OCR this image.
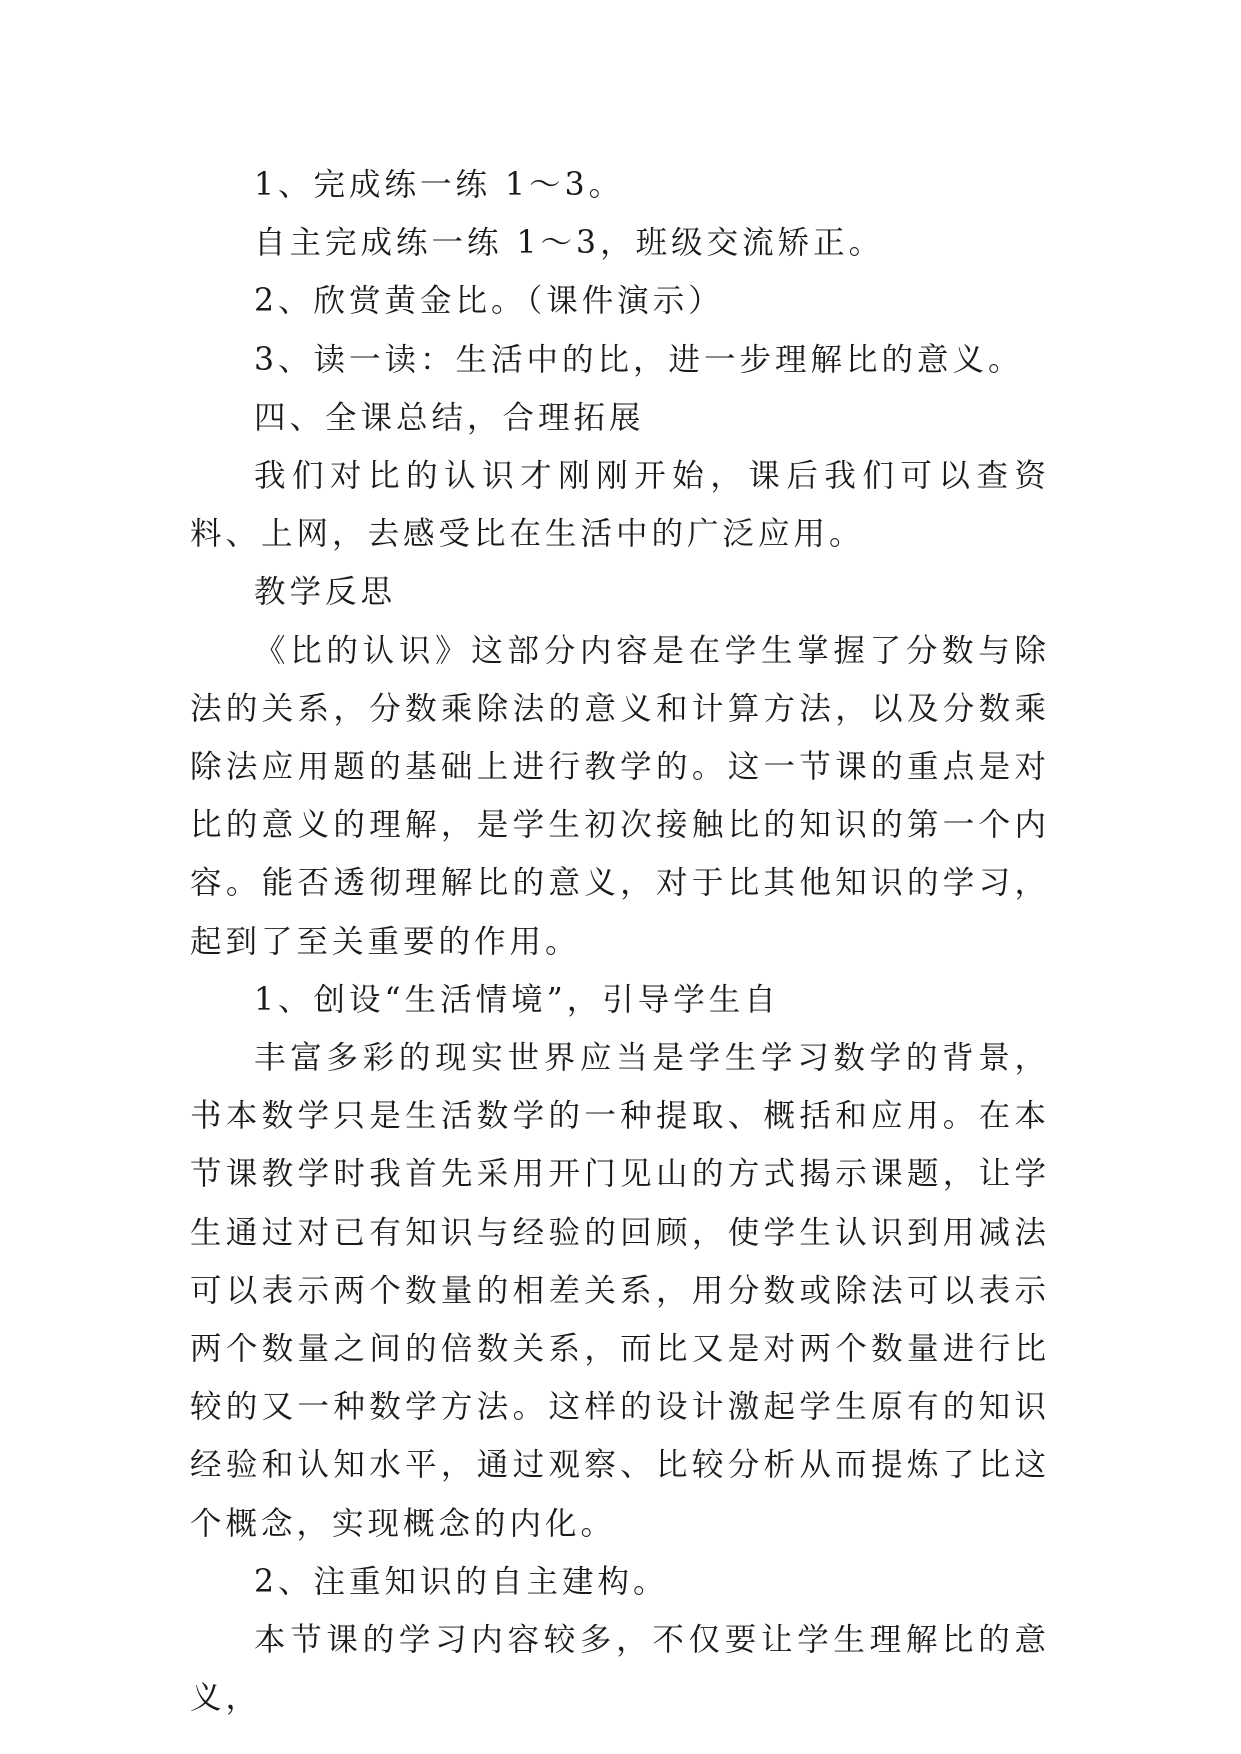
1、完成练一练 1～3。

自主完成练一练 1～3，班级交流矫正。

2、欣赏黄金比。（课件演示）

3、读一读：生活中的比，进一步理解比的意义。

四、全课总结，合理拓展

我们对比的认识才刚刚开始，课后我们可以查资料、上网，去感受比在生活中的广泛应用。

教学反思

《比的认识》这部分内容是在学生掌握了分数与除法的关系，分数乘除法的意义和计算方法，以及分数乘除法应用题的基础上进行教学的。这一节课的重点是对比的意义的理解，是学生初次接触比的知识的第一个内容。能否透彻理解比的意义，对于比其他知识的学习，起到了至关重要的作用。

1、创设“生活情境”，引导学生自

丰富多彩的现实世界应当是学生学习数学的背景，书本数学只是生活数学的一种提取、概括和应用。在本节课教学时我首先采用开门见山的方式揭示课题，让学生通过对已有知识与经验的回顾，使学生认识到用减法可以表示两个数量的相差关系，用分数或除法可以表示两个数量之间的倍数关系，而比又是对两个数量进行比较的又一种数学方法。这样的设计激起学生原有的知识经验和认知水平，通过观察、比较分析从而提炼了比这个概念，实现概念的内化。

2、注重知识的自主建构。

本节课的学习内容较多，不仅要让学生理解比的意义，
